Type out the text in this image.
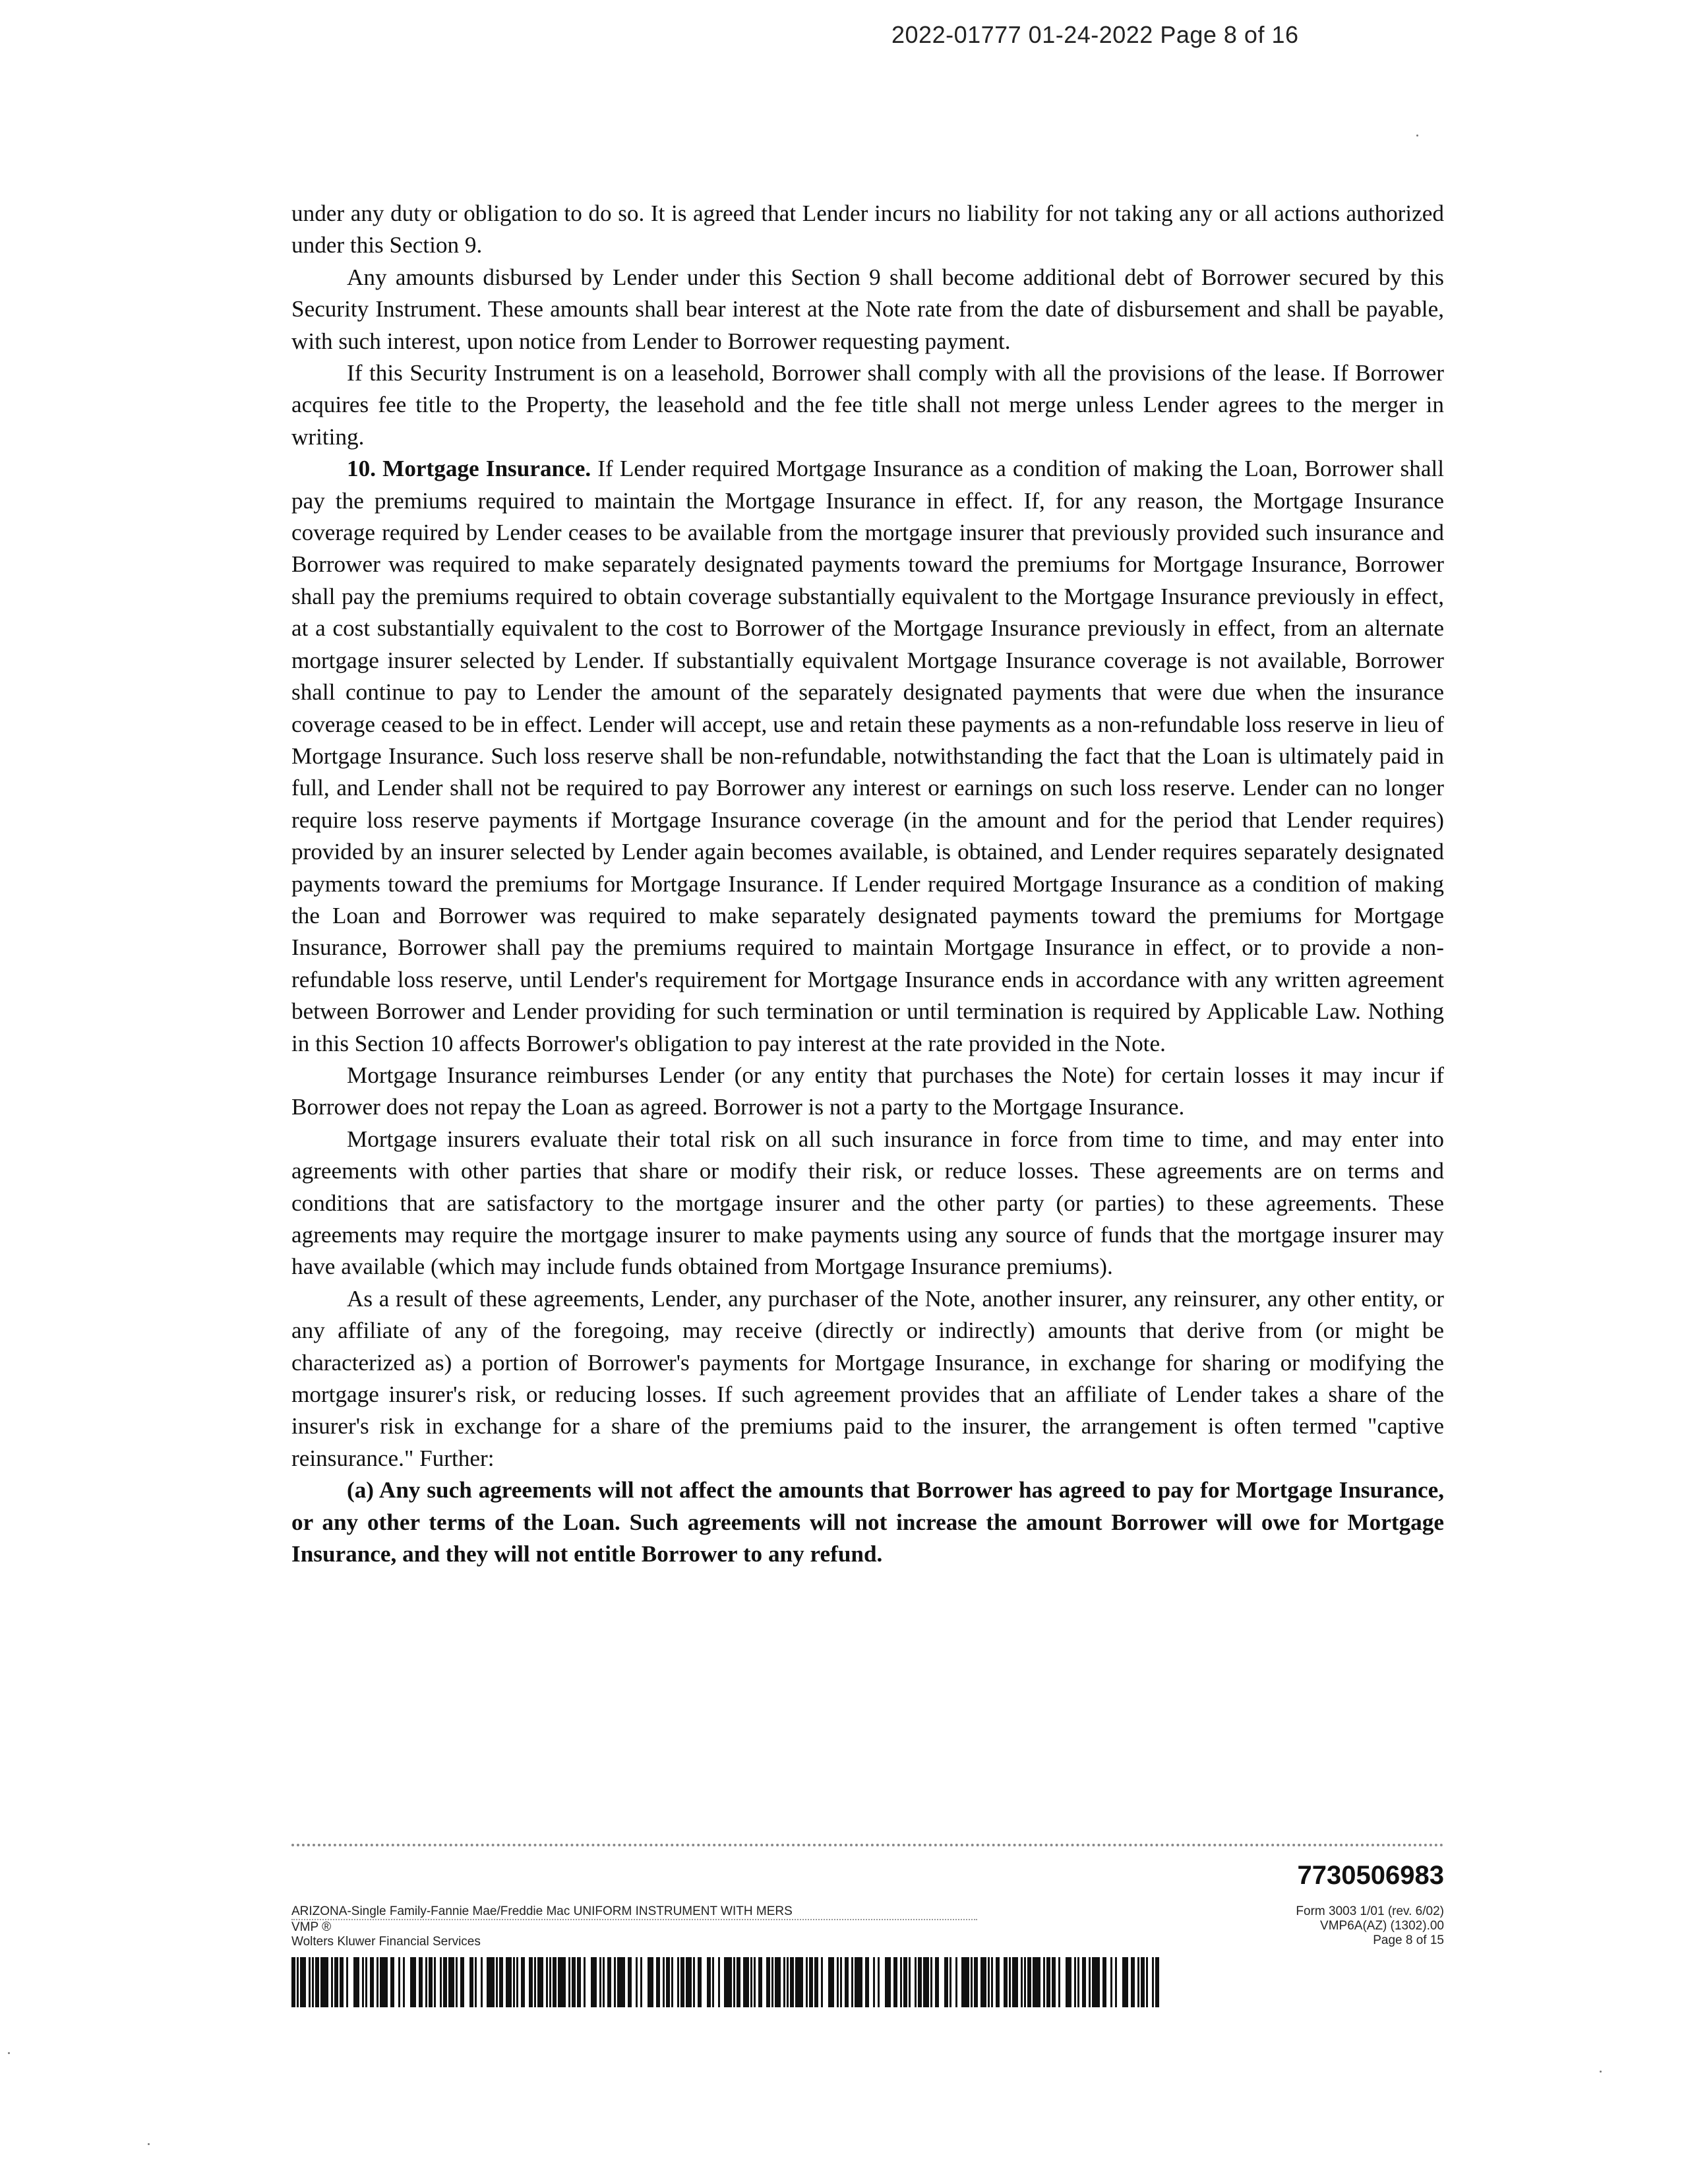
2022-01777 01-24-2022 Page 8 of 16

under any duty or obligation to do so. It is agreed that Lender incurs no liability for not taking any or all actions authorized under this Section 9.

Any amounts disbursed by Lender under this Section 9 shall become additional debt of Borrower secured by this Security Instrument. These amounts shall bear interest at the Note rate from the date of disbursement and shall be payable, with such interest, upon notice from Lender to Borrower requesting payment.

If this Security Instrument is on a leasehold, Borrower shall comply with all the provisions of the lease. If Borrower acquires fee title to the Property, the leasehold and the fee title shall not merge unless Lender agrees to the merger in writing.

10. Mortgage Insurance. If Lender required Mortgage Insurance as a condition of making the Loan, Borrower shall pay the premiums required to maintain the Mortgage Insurance in effect. If, for any reason, the Mortgage Insurance coverage required by Lender ceases to be available from the mortgage insurer that previously provided such insurance and Borrower was required to make separately designated payments toward the premiums for Mortgage Insurance, Borrower shall pay the premiums required to obtain coverage substantially equivalent to the Mortgage Insurance previously in effect, at a cost substantially equivalent to the cost to Borrower of the Mortgage Insurance previously in effect, from an alternate mortgage insurer selected by Lender. If substantially equivalent Mortgage Insurance coverage is not available, Borrower shall continue to pay to Lender the amount of the separately designated payments that were due when the insurance coverage ceased to be in effect. Lender will accept, use and retain these payments as a non-refundable loss reserve in lieu of Mortgage Insurance. Such loss reserve shall be non-refundable, notwithstanding the fact that the Loan is ultimately paid in full, and Lender shall not be required to pay Borrower any interest or earnings on such loss reserve. Lender can no longer require loss reserve payments if Mortgage Insurance coverage (in the amount and for the period that Lender requires) provided by an insurer selected by Lender again becomes available, is obtained, and Lender requires separately designated payments toward the premiums for Mortgage Insurance. If Lender required Mortgage Insurance as a condition of making the Loan and Borrower was required to make separately designated payments toward the premiums for Mortgage Insurance, Borrower shall pay the premiums required to maintain Mortgage Insurance in effect, or to provide a non-refundable loss reserve, until Lender's requirement for Mortgage Insurance ends in accordance with any written agreement between Borrower and Lender providing for such termination or until termination is required by Applicable Law. Nothing in this Section 10 affects Borrower's obligation to pay interest at the rate provided in the Note.

Mortgage Insurance reimburses Lender (or any entity that purchases the Note) for certain losses it may incur if Borrower does not repay the Loan as agreed. Borrower is not a party to the Mortgage Insurance.

Mortgage insurers evaluate their total risk on all such insurance in force from time to time, and may enter into agreements with other parties that share or modify their risk, or reduce losses. These agreements are on terms and conditions that are satisfactory to the mortgage insurer and the other party (or parties) to these agreements. These agreements may require the mortgage insurer to make payments using any source of funds that the mortgage insurer may have available (which may include funds obtained from Mortgage Insurance premiums).

As a result of these agreements, Lender, any purchaser of the Note, another insurer, any reinsurer, any other entity, or any affiliate of any of the foregoing, may receive (directly or indirectly) amounts that derive from (or might be characterized as) a portion of Borrower's payments for Mortgage Insurance, in exchange for sharing or modifying the mortgage insurer's risk, or reducing losses. If such agreement provides that an affiliate of Lender takes a share of the insurer's risk in exchange for a share of the premiums paid to the insurer, the arrangement is often termed "captive reinsurance." Further:

(a) Any such agreements will not affect the amounts that Borrower has agreed to pay for Mortgage Insurance, or any other terms of the Loan. Such agreements will not increase the amount Borrower will owe for Mortgage Insurance, and they will not entitle Borrower to any refund.

7730506983
ARIZONA-Single Family-Fannie Mae/Freddie Mac UNIFORM INSTRUMENT WITH MERS
VMP ®
Wolters Kluwer Financial Services
Form 3003 1/01 (rev. 6/02)
VMP6A(AZ) (1302).00
Page 8 of 15
